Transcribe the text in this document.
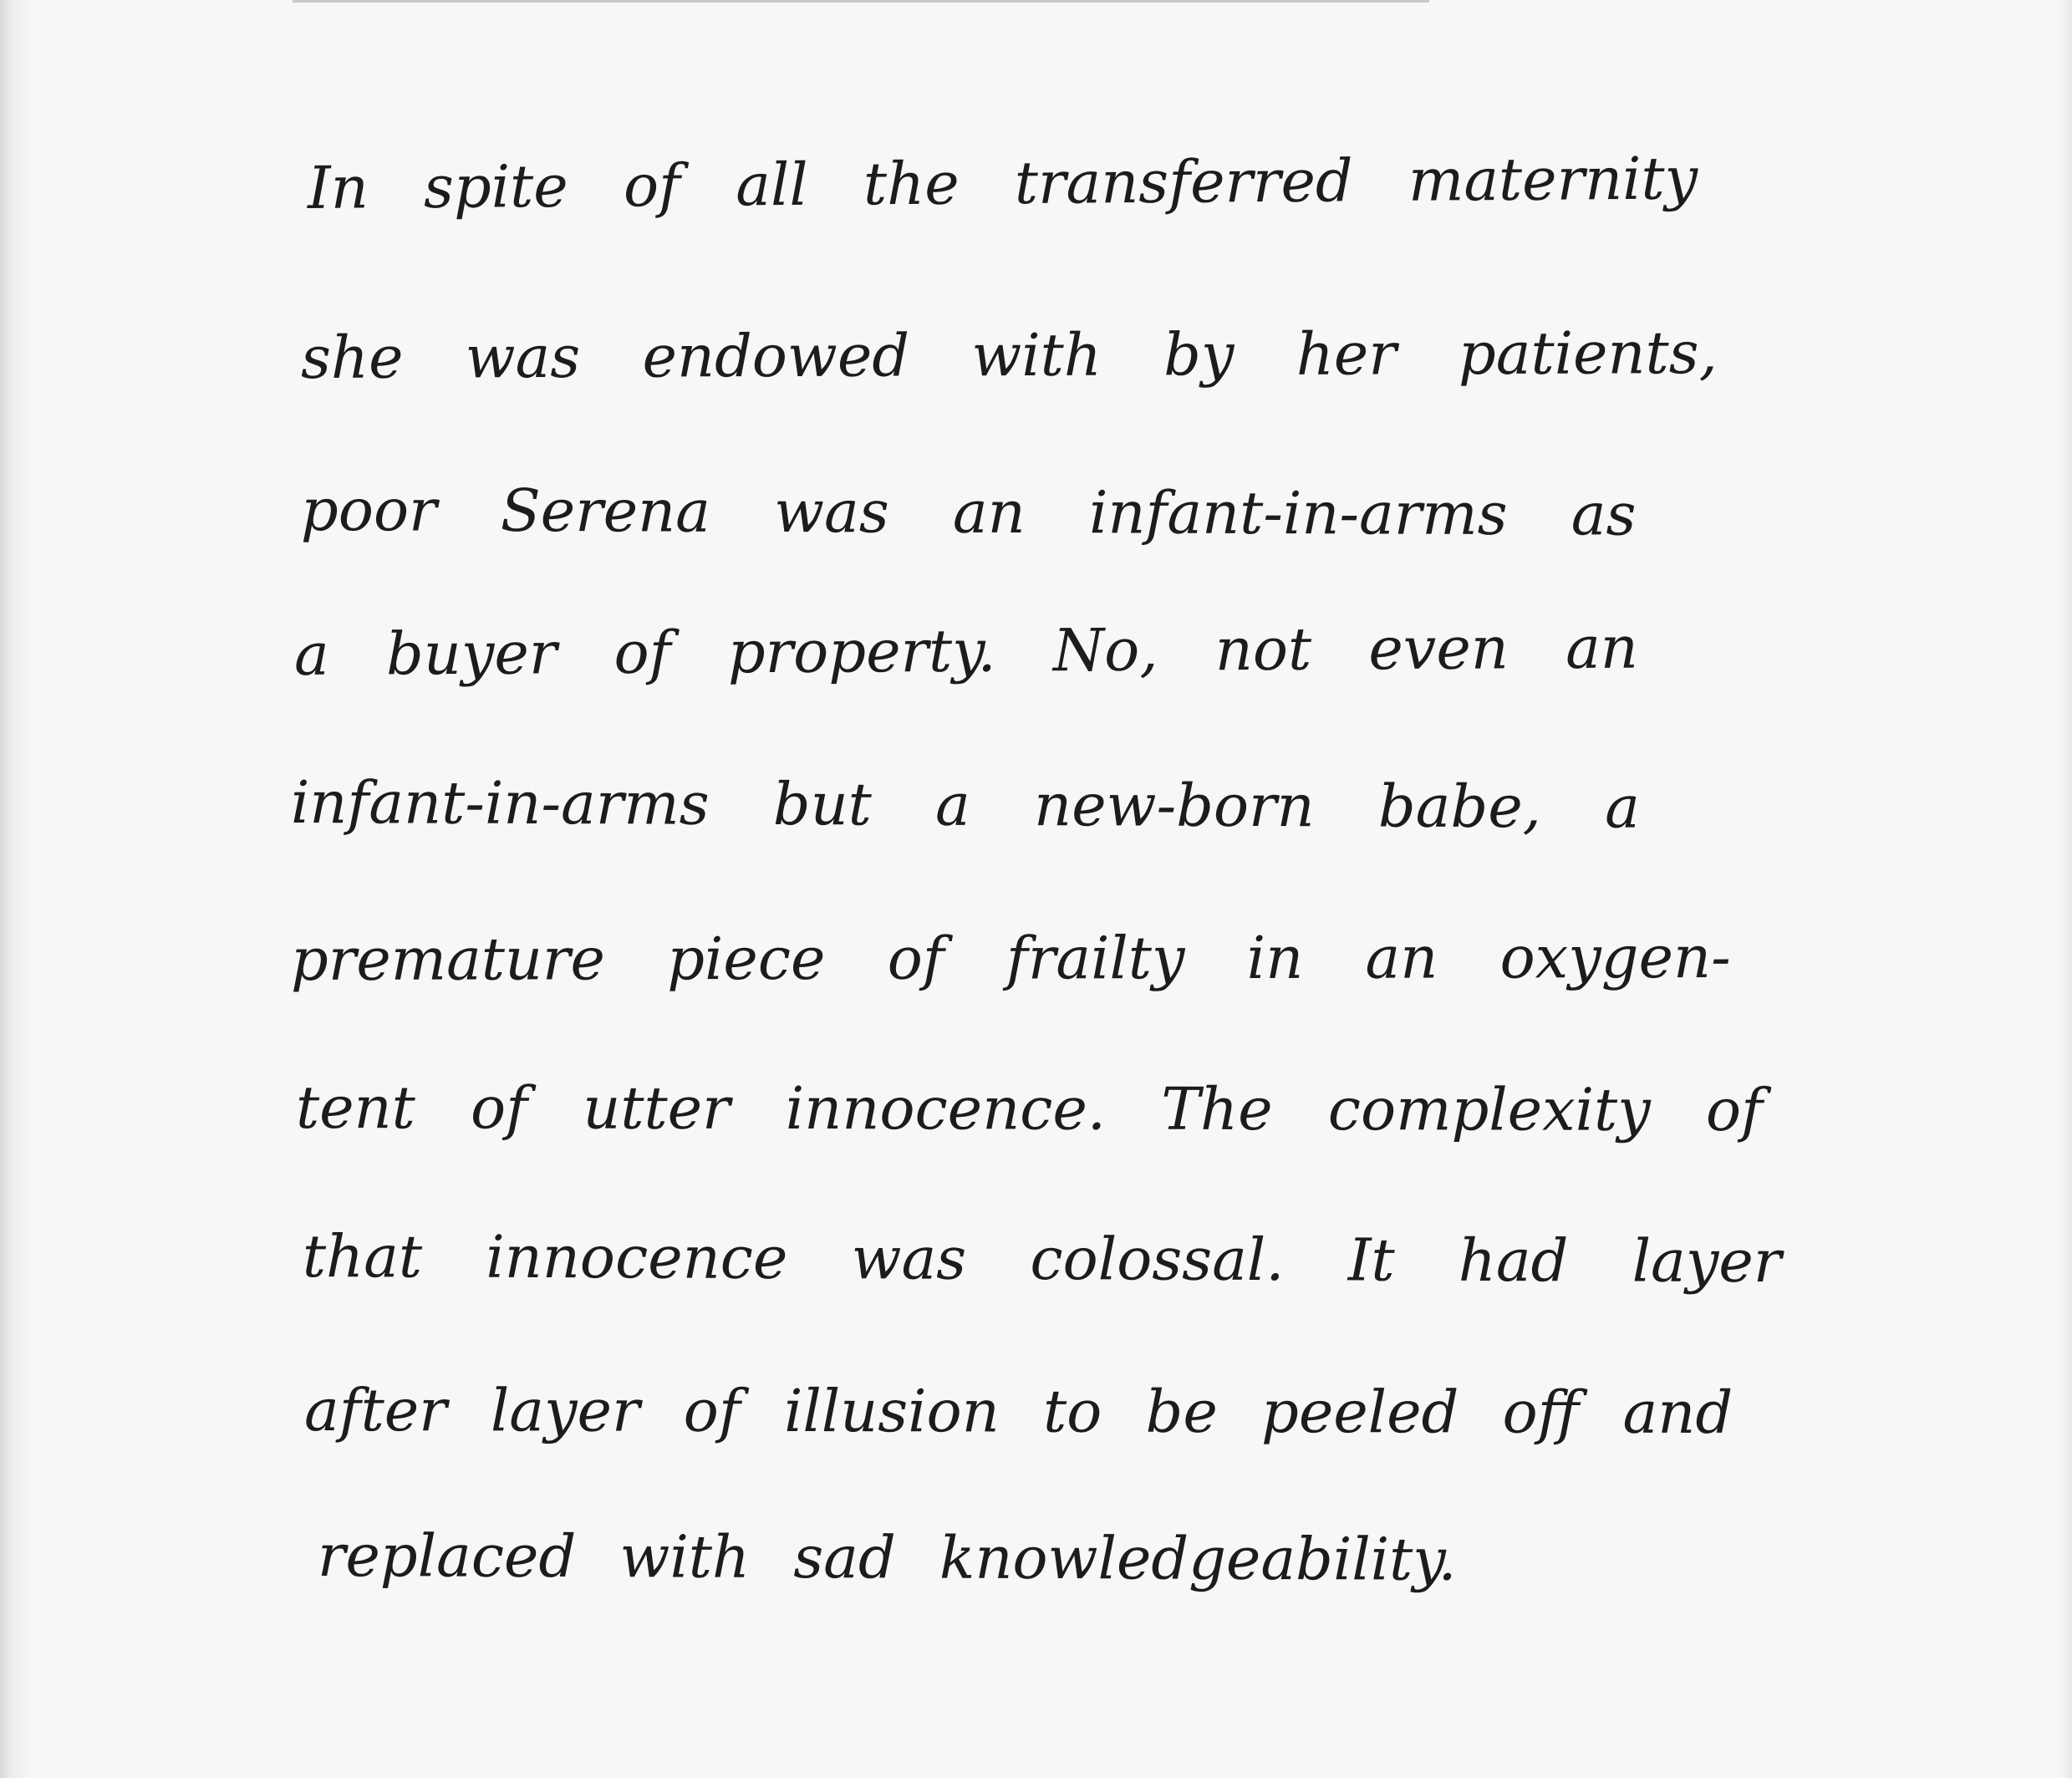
In spite of all the transferred maternity

she was endowed with by her patients,

poor Serena was an infant-in-arms as

a buyer of property. No, not even an

infant-in-arms but a new-born babe, a

premature piece of frailty in an oxygen-

tent of utter innocence. The complexity of

that innocence was colossal. It had layer

after layer of illusion to be peeled off and

replaced with sad knowledgeability.
